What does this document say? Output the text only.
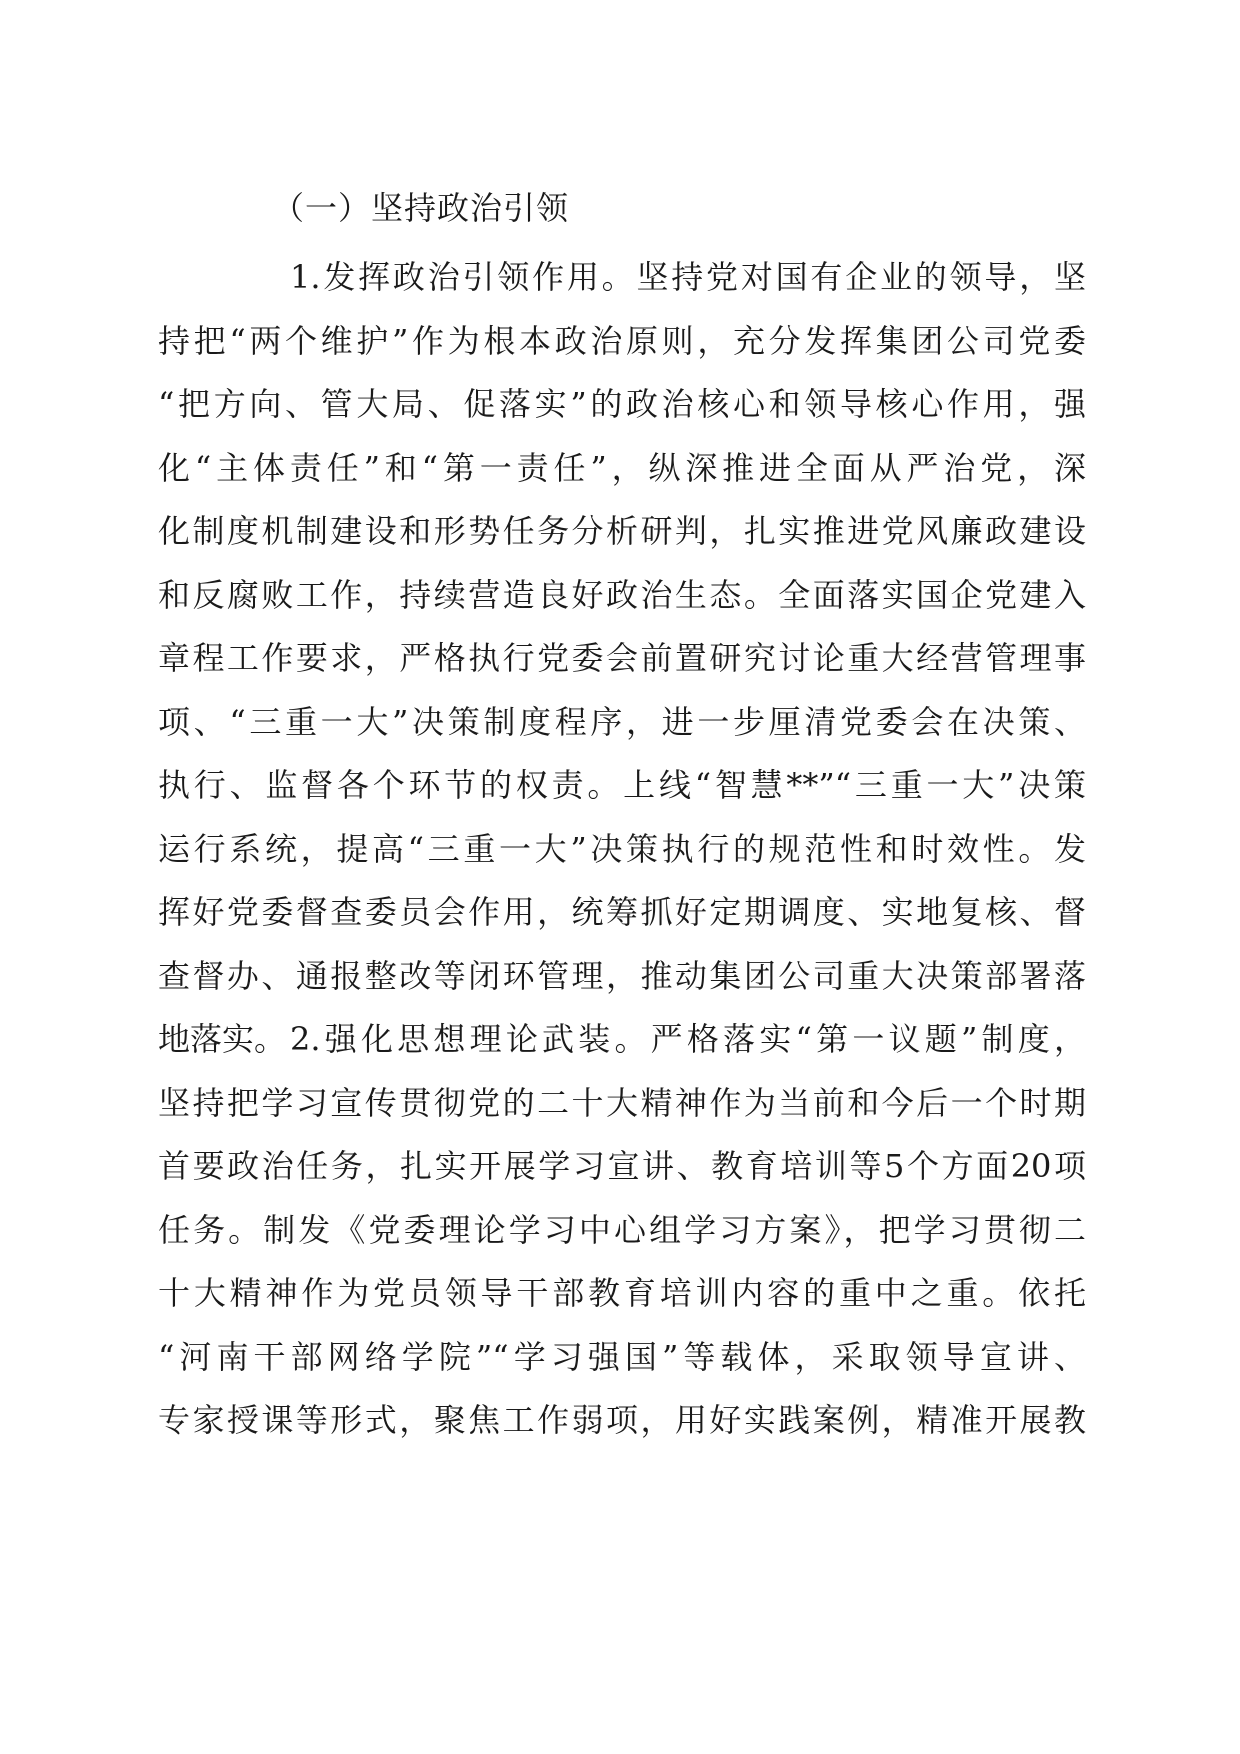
（一）坚持政治引领
1.发挥政治引领作用。坚持党对国有企业的领导，坚
持把“两个维护”作为根本政治原则，充分发挥集团公司党委
“把方向、管大局、促落实”的政治核心和领导核心作用，强
化“主体责任”和“第一责任”，纵深推进全面从严治党，深
化制度机制建设和形势任务分析研判，扎实推进党风廉政建设
和反腐败工作，持续营造良好政治生态。全面落实国企党建入
章程工作要求，严格执行党委会前置研究讨论重大经营管理事
项、“三重一大”决策制度程序，进一步厘清党委会在决策、
执行、监督各个环节的权责。上线“智慧**”“三重一大”决策
运行系统，提高“三重一大”决策执行的规范性和时效性。发
挥好党委督查委员会作用，统筹抓好定期调度、实地复核、督
查督办、通报整改等闭环管理，推动集团公司重大决策部署落
地落实。 2.强化思想理论武装。严格落实“第一议题”制度，
坚持把学习宣传贯彻党的二十大精神作为当前和今后一个时期
首要政治任务，扎实开展学习宣讲、教育培训等5个方面20项
任务。制发《党委理论学习中心组学习方案》，把学习贯彻二
十大精神作为党员领导干部教育培训内容的重中之重。依托
“河南干部网络学院”“学习强国”等载体，采取领导宣讲、
专家授课等形式，聚焦工作弱项，用好实践案例，精准开展教
